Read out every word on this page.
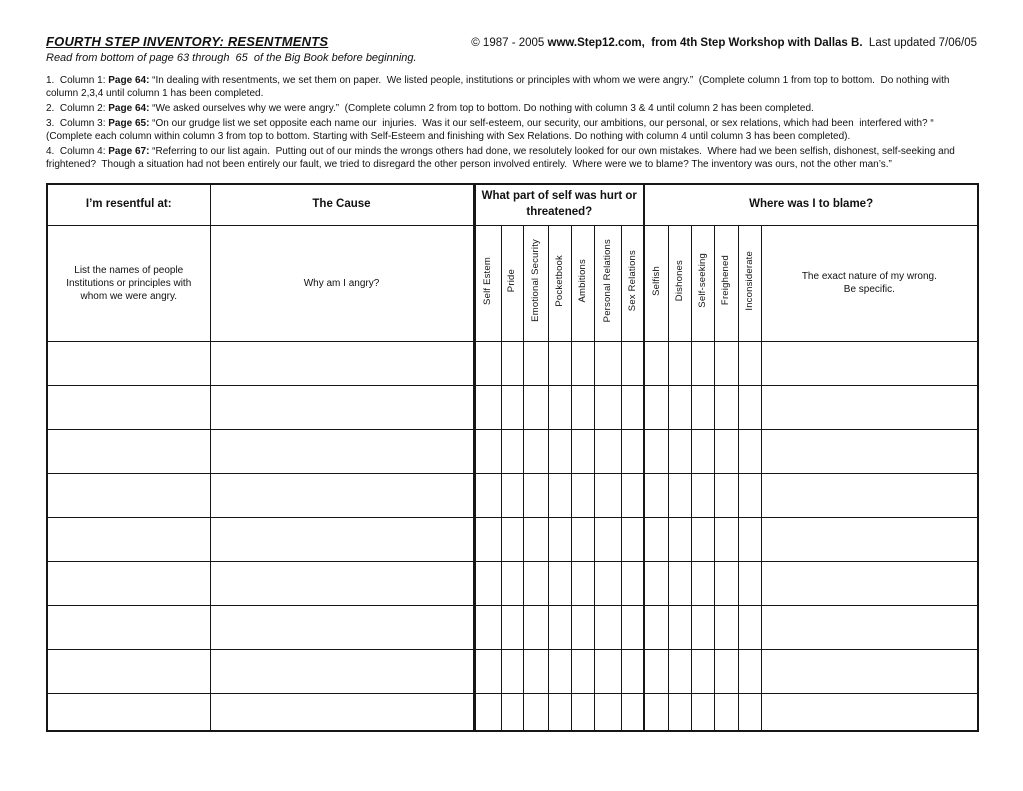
FOURTH STEP INVENTORY: RESENTMENTS	© 1987 - 2005 www.Step12.com,  from 4th Step Workshop with Dallas B.  Last updated 7/06/05
Read from bottom of page 63 through  65  of the Big Book before beginning.
1.  Column 1: Page 64: “In dealing with resentments, we set them on paper.  We listed people, institutions or principles with whom we were angry.”  (Complete column 1 from top to bottom.  Do nothing with column 2,3,4 until column 1 has been completed.
2.  Column 2: Page 64: “We asked ourselves why we were angry.”  (Complete column 2 from top to bottom. Do nothing with column 3 & 4 until column 2 has been completed.
3.  Column 3: Page 65: “On our grudge list we set opposite each name our  injuries.  Was it our self-esteem, our security, our ambitions, our personal, or sex relations, which had been  interfered with? “ (Complete each column within column 3 from top to bottom. Starting with Self-Esteem and finishing with Sex Relations. Do nothing with column 4 until column 3 has been completed).
4.  Column 4: Page 67: “Referring to our list again.  Putting out of our minds the wrongs others had done, we resolutely looked for our own mistakes.  Where had we been selfish, dishonest, self-seeking and frightened?  Though a situation had not been entirely our fault, we tried to disregard the other person involved entirely.  Where were we to blame? The inventory was ours, not the other man’s.”
I’m resentful at:	The Cause	What part of self was hurt or threatened?							Where was I to blame?					

List the names of people Institutions or principles with whom we were angry.	Why am I angry?	Self Estem	Pride	Emotional Security	Pocketbook	Ambitions	Personal Relations	Sex Relations	Selfish	Dishones	Self-seeking	Freighened	Inconsiderate	The exact nature of my wrong. Be specific.
